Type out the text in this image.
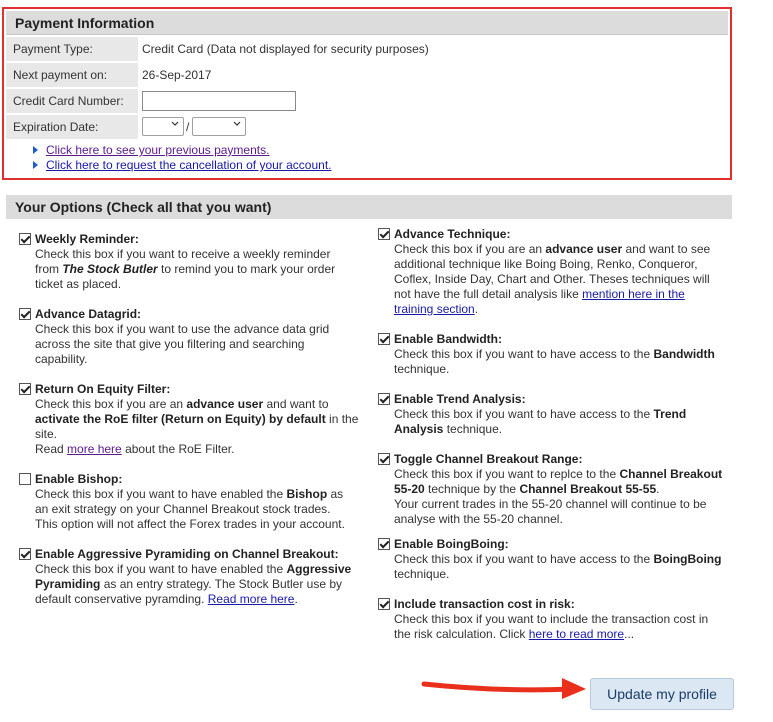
Payment Information
Payment Type:	Credit Card (Data not displayed for security purposes)
Next payment on:	26-Sep-2017
Credit Card Number:
Expiration Date:	/
Click here to see your previous payments.
Click here to request the cancellation of your account.
Your Options (Check all that you want)
Weekly Reminder:
Check this box if you want to receive a weekly reminder
from The Stock Butler to remind you to mark your order
ticket as placed.
Advance Datagrid:
Check this box if you want to use the advance data grid
across the site that give you filtering and searching
capability.
Return On Equity Filter:
Check this box if you are an advance user and want to
activate the RoE filter (Return on Equity) by default in the
site.
Read more here about the RoE Filter.
Enable Bishop:
Check this box if you want to have enabled the Bishop as
an exit strategy on your Channel Breakout stock trades.
This option will not affect the Forex trades in your account.
Enable Aggressive Pyramiding on Channel Breakout:
Check this box if you want to have enabled the Aggressive
Pyramiding as an entry strategy. The Stock Butler use by
default conservative pyramding. Read more here.
Advance Technique:
Check this box if you are an advance user and want to see
additional technique like Boing Boing, Renko, Conqueror,
Coflex, Inside Day, Chart and Other. Theses techniques will
not have the full detail analysis like mention here in the
training section.
Enable Bandwidth:
Check this box if you want to have access to the Bandwidth
technique.
Enable Trend Analysis:
Check this box if you want to have access to the Trend
Analysis technique.
Toggle Channel Breakout Range:
Check this box if you want to replce to the Channel Breakout
55-20 technique by the Channel Breakout 55-55.
Your current trades in the 55-20 channel will continue to be
analyse with the 55-20 channel.
Enable BoingBoing:
Check this box if you want to have access to the BoingBoing
technique.
Include transaction cost in risk:
Check this box if you want to include the transaction cost in
the risk calculation. Click here to read more...
Update my profile
